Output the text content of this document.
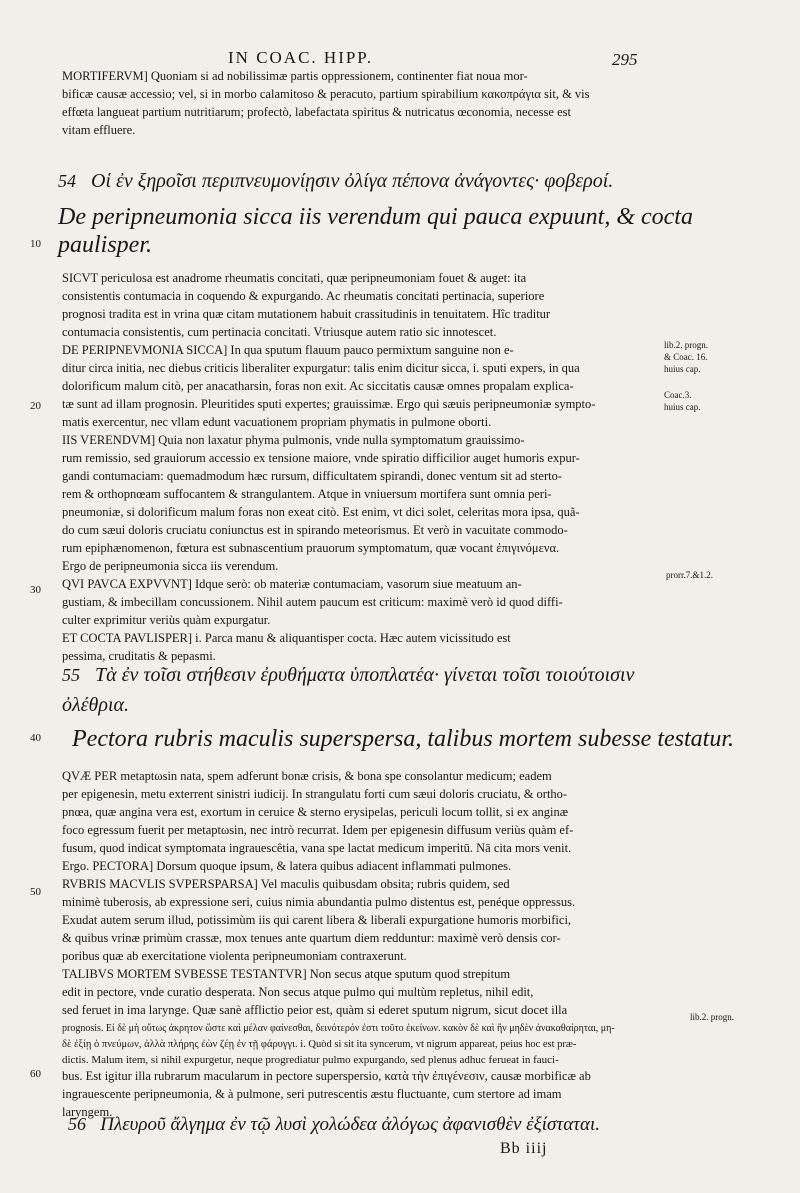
IN COAC. HIPP.	295
MORTIFERVM] Quoniam si ad nobilissimæ partis oppressionem, continenter fiat noua mor-
bificæ causæ accessio; vel, si in morbo calamitoso & peracuto, partium spirabilium κακοπράγια sit, & vis
effœta langueat partium nutritiarum; profectò, labefactata spiritus & nutricatus œconomia, necesse est
vitam effluere.
54 Οἱ ἐν ξηροῖσι περιπνευμονίῃσιν ὀλίγα πέπονα ἀνάγοντες· φοβεροί.
De peripneumonia sicca iis verendum qui pauca expuunt, & cocta
paulisper.
10
SICVT periculosa est anadrome rheumatis concitati, quæ peripneumoniam fouet & auget: ita
consistentis contumacia in coquendo & expurgando. Ac rheumatis concitati pertinacia, superiore
prognosi tradita est in vrina quæ citam mutationem habuit crassitudinis in tenuitatem. Hîc traditur
contumacia consistentis, cum pertinacia concitati. Vtriusque autem ratio sic innotescet.
DE PERIPNEVMONIA SICCA] In qua sputum flauum pauco permixtum sanguine non e-
ditur circa initia, nec diebus criticis liberaliter expurgatur: talis enim dicitur sicca, i. sputi expers, in qua
dolorificum malum citò, per anacatharsin, foras non exit. Ac siccitatis causæ omnes propalam explica-
tæ sunt ad illam prognosin. Pleuritides sputi expertes; grauissimæ. Ergo qui sæuis peripneumoniæ sympto-
20
matis exercentur, nec vllam edunt vacuationem propriam phymatis in pulmone oborti.
IIS VERENDVM] Quia non laxatur phyma pulmonis, vnde nulla symptomatum grauissimo-
rum remissio, sed grauiorum accessio ex tensione maiore, vnde spiratio difficilior auget humoris expur-
gandi contumaciam: quemadmodum hæc rursum, difficultatem spirandi, donec ventum sit ad sterto-
rem & orthopnœam suffocantem & strangulantem. Atque in vniuersum mortifera sunt omnia peri-
pneumoniæ, si dolorificum malum foras non exeat citò. Est enim, vt dici solet, celeritas mora ipsa, quã-
do cum sæui doloris cruciatu coniunctus est in spirando meteorismus. Et verò in vacuitate commodo-
rum epiphænomenωn, fœtura est subnascentium prauorum symptomatum, quæ vocant ἐπιγινόμενα.
Ergo de peripneumonia sicca iis verendum.
QVI PAVCA EXPVVNT] Idque serò: ob materiæ contumaciam, vasorum siue meatuum an-
30
gustiam, & imbecillam concussionem. Nihil autem paucum est criticum: maximè verò id quod diffi-
culter exprimitur veriùs quàm expurgatur.
ET COCTA PAVLISPER] i. Parca manu & aliquantisper cocta. Hæc autem vicissitudo est
pessima, cruditatis & pepasmi.
55 Τὰ ἐν τοῖσι στήθεσιν ἐρυθήματα ὑποπλατέα· γίνεται τοῖσι τοιούτοισιν
ὀλέθρια.
Pectora rubris maculis superspersa, talibus mortem subesse testatur.
40
QVÆ PER metaptωsin nata, spem adferunt bonæ crisis, & bona spe consolantur medicum; eadem
per epigenesin, metu exterrent sinistri iudicij. In strangulatu forti cum sæui doloris cruciatu, & ortho-
pnœa, quæ angina vera est, exortum in ceruice & sterno erysipelas, periculi locum tollit, si ex anginæ
foco egressum fuerit per metaptωsin, nec intrò recurrat. Idem per epigenesin diffusum veriùs quàm ef-
fusum, quod indicat symptomata ingrauescêtia, vana spe lactat medicum imperitū. Nā cita mors venit.
Ergo. PECTORA] Dorsum quoque ipsum, & latera quibus adiacent inflammati pulmones.
RVBRIS MACVLIS SVPERSPARSA] Vel maculis quibusdam obsita; rubris quidem, sed
50
minimè tuberosis, ab expressione seri, cuius nimia abundantia pulmo distentus est, penéque oppressus.
Exudat autem serum illud, potissimùm iis qui carent libera & liberali expurgatione humoris morbifici,
& quibus vrinæ primùm crassæ, mox tenues ante quartum diem redduntur: maximè verò densis cor-
poribus quæ ab exercitatione violenta peripneumoniam contraxerunt.
TALIBVS MORTEM SVBESSE TESTANTVR] Non secus atque sputum quod strepitum
edit in pectore, vnde curatio desperata. Non secus atque pulmo qui multùm repletus, nihil edit,
sed feruet in ima larynge. Quæ sanè afflictio peior est, quàm si ederet sputum nigrum, sicut docet illa
prognosis. Εἰ δὲ μὴ οὕτως ἀκρητον ὥστε καὶ μέλαν φαίνεσθαι, δεινότερόν ἐστι τοῦτο ἐκείνων. κακὸν δὲ καὶ ἢν μηδὲν ἀνακαθαίρηται, μη-
δὲ ἐξίῃ ὁ πνεύμων, ἀλλὰ πλήρης ἐὼν ζέῃ ἐν τῇ φάρυγγι. i. Quòd si sit ita syncerum, vt nigrum appareat, peius hoc est præ-
dictis. Malum item, si nihil expurgetur, neque progrediatur pulmo expurgando, sed plenus adhuc ferueat in fauci-
60 bus. Est igitur illa rubrarum macularum in pectore superspersio, κατὰ τὴν ἐπιγένεσιν, causæ morbificæ ab
ingrauescente peripneumonia, & à pulmone, seri putrescentis æstu fluctuante, cum stertore ad imam
laryngem.
56 Πλευροῦ ἄλγημα ἐν τῷ λυσὶ χολώδεα ἀλόγως ἀφανισθὲν ἐξίσταται.
lib.2. progn.
& Coac. 16.
huius cap.
Coac.3.
huius cap.
prorr.7.&1.2.
lib.2. progn.
Bb iiij
